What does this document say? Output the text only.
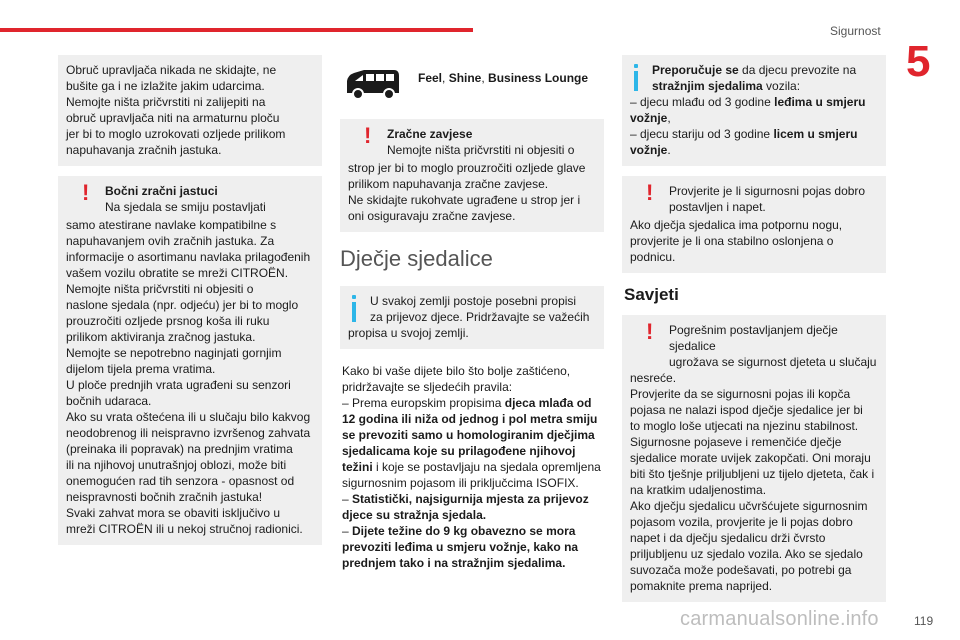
Sigurnost
5

Obruč upravljača nikada ne skidajte, ne

bušite ga i ne izlažite jakim udarcima.

Nemojte ništa pričvrstiti ni zalijepiti na

obruč upravljača niti na armaturnu ploču

jer bi to moglo uzrokovati ozljede prilikom

napuhavanja zračnih jastuka.

!	Bočni zračni jastuci

Na sjedala se smiju postavljati

samo atestirane navlake kompatibilne s

napuhavanjem ovih zračnih jastuka. Za

informacije o asortimanu navlaka prilagođenih

vašem vozilu obratite se mreži CITROËN.

Nemojte ništa pričvrstiti ni objesiti o

naslone sjedala (npr. odjeću) jer bi to moglo

prouzročiti ozljede prsnog koša ili ruku

prilikom aktiviranja zračnog jastuka.

Nemojte se nepotrebno naginjati gornjim

dijelom tijela prema vratima.

U ploče prednjih vrata ugrađeni su senzori

bočnih udaraca.

Ako su vrata oštećena ili u slučaju bilo kakvog

neodobrenog ili neispravno izvršenog zahvata

(preinaka ili popravak) na prednjim vratima

ili na njihovoj unutrašnjoj oblozi, može biti

onemogućen rad tih senzora - opasnost od

neispravnosti bočnih zračnih jastuka!

Svaki zahvat mora se obaviti isključivo u

mreži CITROËN ili u nekoj stručnoj radionici.

Feel, Shine, Business Lounge
!	Zračne zavjese

Nemojte ništa pričvrstiti ni objesiti o

strop jer bi to moglo prouzročiti ozljede glave

prilikom napuhavanja zračne zavjese.

Ne skidajte rukohvate ugrađene u strop jer i

oni osiguravaju zračne zavjese.

Dječje sjedalice

U svakoj zemlji postoje posebni propisi

za prijevoz djece. Pridržavajte se važećih

propisa u svojoj zemlji.

Kako bi vaše dijete bilo što bolje zaštićeno,

pridržavajte se sljedećih pravila:

– Prema europskim propisima djeca mlađa od

12 godina ili niža od jednog i pol metra smiju

se prevoziti samo u homologiranim dječjima

sjedalicama koje su prilagođene njihovoj

težini i koje se postavljaju na sjedala opremljena

sigurnosnim pojasom ili priključcima ISOFIX.

– Statistički, najsigurnija mjesta za prijevoz

djece su stražnja sjedala.

– Dijete težine do 9 kg obavezno se mora

prevoziti leđima u smjeru vožnje, kako na

prednjem tako i na stražnjim sjedalima.

Preporučuje se da djecu prevozite na

stražnjim sjedalima vozila:

– djecu mlađu od 3 godine leđima u smjeru

vožnje,

– djecu stariju od 3 godine licem u smjeru

vožnje.

!	Provjerite je li sigurnosni pojas dobro

postavljen i napet.

Ako dječja sjedalica ima potpornu nogu,

provjerite je li ona stabilno oslonjena o

podnicu.

Savjeti
!	Pogrešnim postavljanjem dječje sjedalice

ugrožava se sigurnost djeteta u slučaju

nesreće.

Provjerite da se sigurnosni pojas ili kopča

pojasa ne nalazi ispod dječje sjedalice jer bi

to moglo loše utjecati na njezinu stabilnost.

Sigurnosne pojaseve i remenčiće dječje

sjedalice morate uvijek zakopčati. Oni moraju

biti što tješnje priljubljeni uz tijelo djeteta, čak i

na kratkim udaljenostima.

Ako dječju sjedalicu učvršćujete sigurnosnim

pojasom vozila, provjerite je li pojas dobro

napet i da dječju sjedalicu drži čvrsto

priljubljenu uz sjedalo vozila. Ako se sjedalo

suvozača može podešavati, po potrebi ga

pomaknite prema naprijed.

carmanualsonline.info	119
